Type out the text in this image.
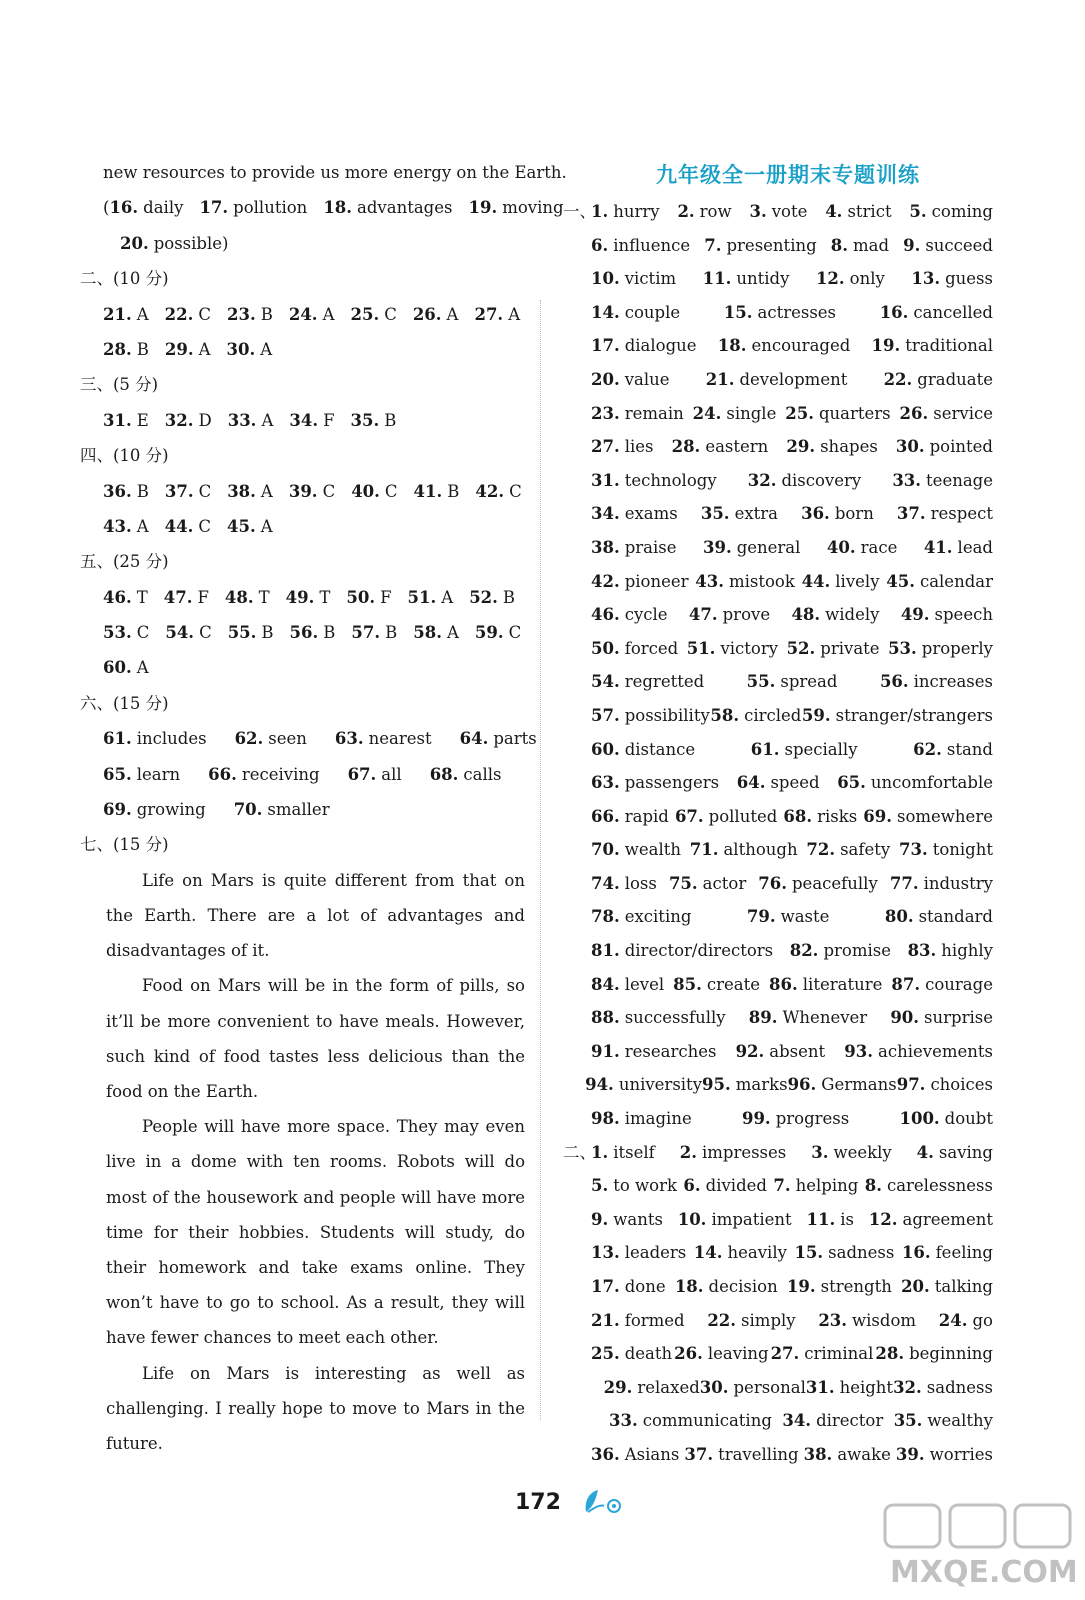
new resources to provide us more energy on the Earth.
(16. daily 17. pollution 18. advantages 19. moving
20. possible)
二、(10 分)
21. A 22. C 23. B 24. A 25. C 26. A 27. A
28. B 29. A 30. A
三、(5 分)
31. E 32. D 33. A 34. F 35. B
四、(10 分)
36. B 37. C 38. A 39. C 40. C 41. B 42. C
43. A 44. C 45. A
五、(25 分)
46. T 47. F 48. T 49. T 50. F 51. A 52. B
53. C 54. C 55. B 56. B 57. B 58. A 59. C
60. A
六、(15 分)
61. includes 62. seen 63. nearest 64. parts
65. learn 66. receiving 67. all 68. calls
69. growing 70. smaller
七、(15 分)

Life on Mars is quite different from that on the Earth. There are a lot of advantages and disadvantages of it.

Food on Mars will be in the form of pills, so it’ll be more convenient to have meals. However, such kind of food tastes less delicious than the food on the Earth.

People will have more space. They may even live in a dome with ten rooms. Robots will do most of the housework and people will have more time for their hobbies. Students will study, do their homework and take exams online. They won’t have to go to school. As a result, they will have fewer chances to meet each other.

Life on Mars is interesting as well as challenging. I really hope to move to Mars in the future.

九年级全一册期末专题训练
一、
1. hurry 2. row 3. vote 4. strict 5. coming
6. influence 7. presenting 8. mad 9. succeed
10. victim 11. untidy 12. only 13. guess
14. couple	15. actresses	16. cancelled
17. dialogue 18. encouraged 19. traditional
20. value 21. development 22. graduate
23. remain 24. single 25. quarters 26. service
27. lies 28. eastern 29. shapes 30. pointed
31. technology 32. discovery 33. teenage
34. exams 35. extra 36. born 37. respect
38. praise 39. general 40. race 41. lead
42. pioneer 43. mistook 44. lively 45. calendar
46. cycle 47. prove 48. widely 49. speech
50. forced 51. victory 52. private 53. properly
54. regretted	55. spread	56. increases
57. possibility 58. circled 59. stranger/strangers
60. distance	61. specially	62. stand
63. passengers 64. speed 65. uncomfortable
66. rapid 67. polluted 68. risks 69. somewhere
70. wealth 71. although 72. safety 73. tonight
74. loss 75. actor 76. peacefully 77. industry
78. exciting	79. waste	80. standard
81. director/directors 82. promise 83. highly
84. level 85. create 86. literature 87. courage
88. successfully 89. Whenever 90. surprise
91. researches 92. absent 93. achievements
94. university 95. marks 96. Germans 97. choices
98. imagine	99. progress	100. doubt
二、
1. itself 2. impresses 3. weekly 4. saving
5. to work 6. divided 7. helping 8. carelessness
9. wants 10. impatient 11. is 12. agreement
13. leaders 14. heavily 15. sadness 16. feeling
17. done 18. decision 19. strength 20. talking
21. formed 22. simply 23. wisdom 24. go
25. death 26. leaving 27. criminal 28. beginning
29. relaxed 30. personal 31. height 32. sadness
33. communicating 34. director 35. wealthy
36. Asians 37. travelling 38. awake 39. worries
172
MXQE.COM
